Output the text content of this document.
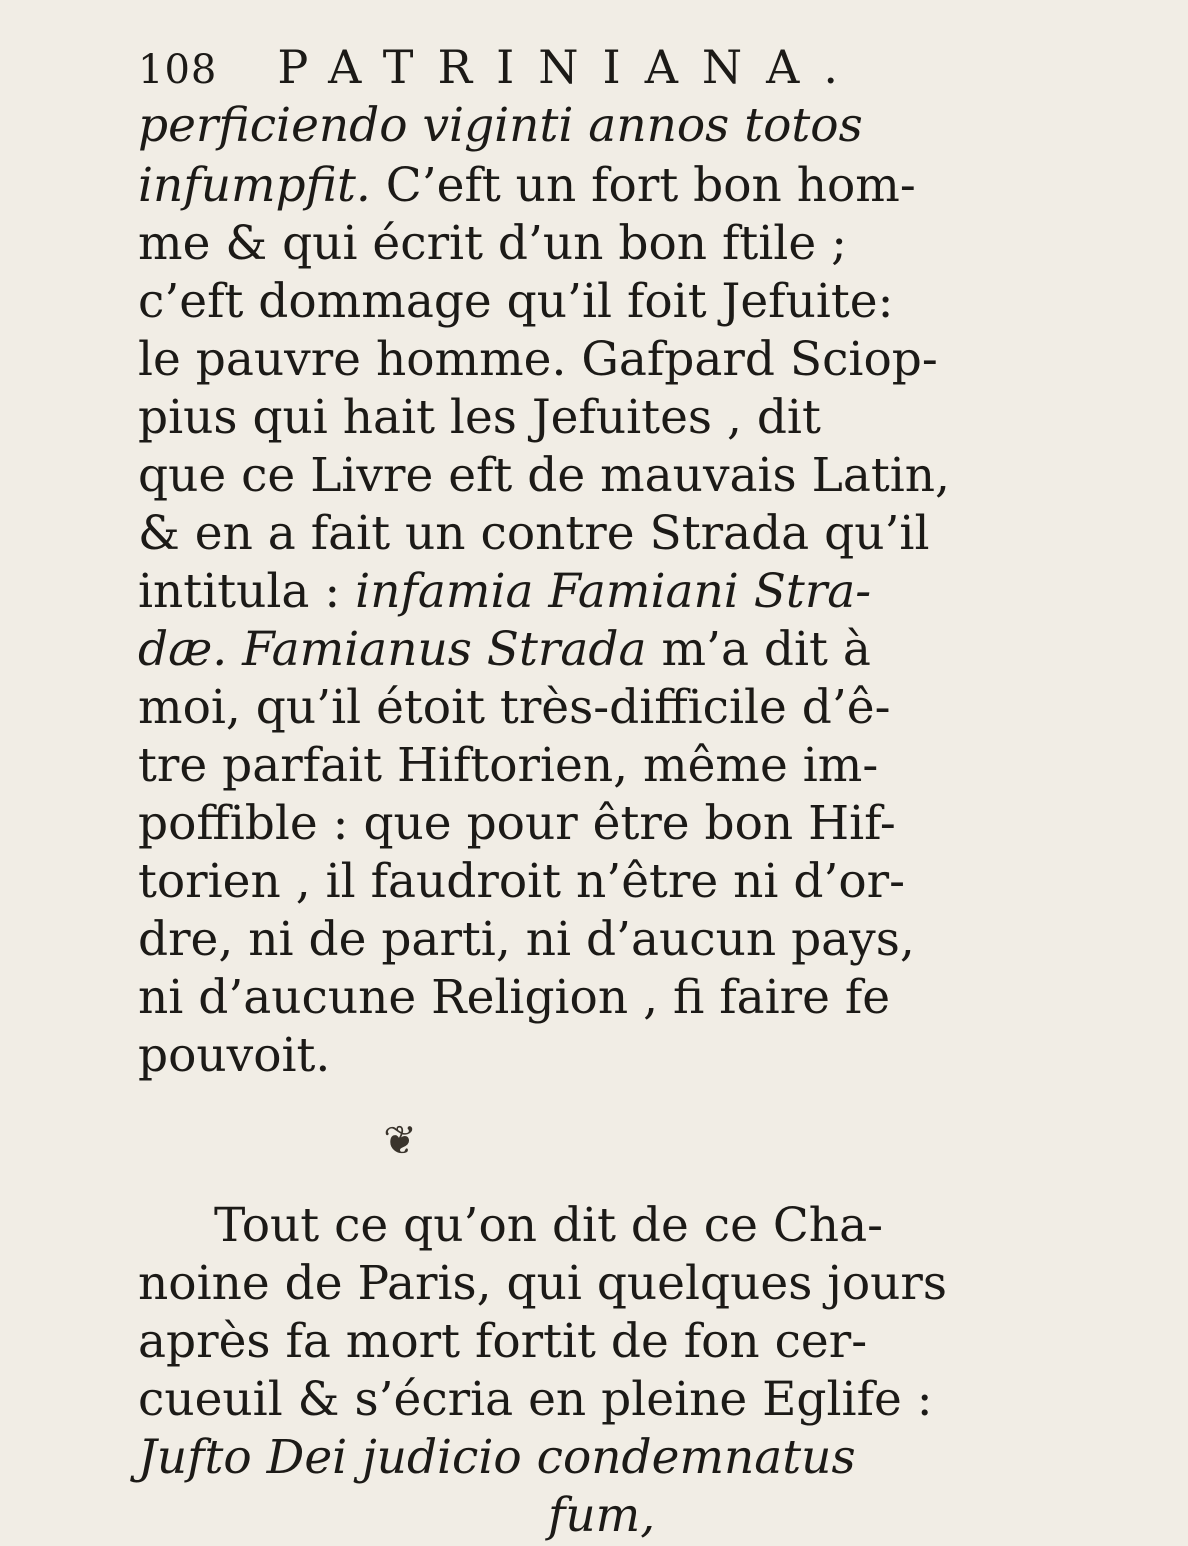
108 PATRINIANA.
perficiendo viginti annos totos
infumpfit. C’eft un fort bon hom-
me & qui écrit d’un bon ftile ;
c’eft dommage qu’il foit Jefuite:
le pauvre homme. Gafpard Sciop-
pius qui hait les Jefuites , dit
que ce Livre eft de mauvais Latin,
& en a fait un contre Strada qu’il
intitula : infamia Famiani Stra-
dæ. Famianus Strada m’a dit à
moi, qu’il étoit très-difficile d’ê-
tre parfait Hiftorien, même im-
poffible : que pour être bon Hif-
torien , il faudroit n’être ni d’or-
dre, ni de parti, ni d’aucun pays,
ni d’aucune Religion , fi faire fe
pouvoit.
❦
Tout ce qu’on dit de ce Cha-
noine de Paris, qui quelques jours
après fa mort fortit de fon cer-
cueuil & s’écria en pleine Eglife :
Jufto Dei judicio condemnatus
fum,
